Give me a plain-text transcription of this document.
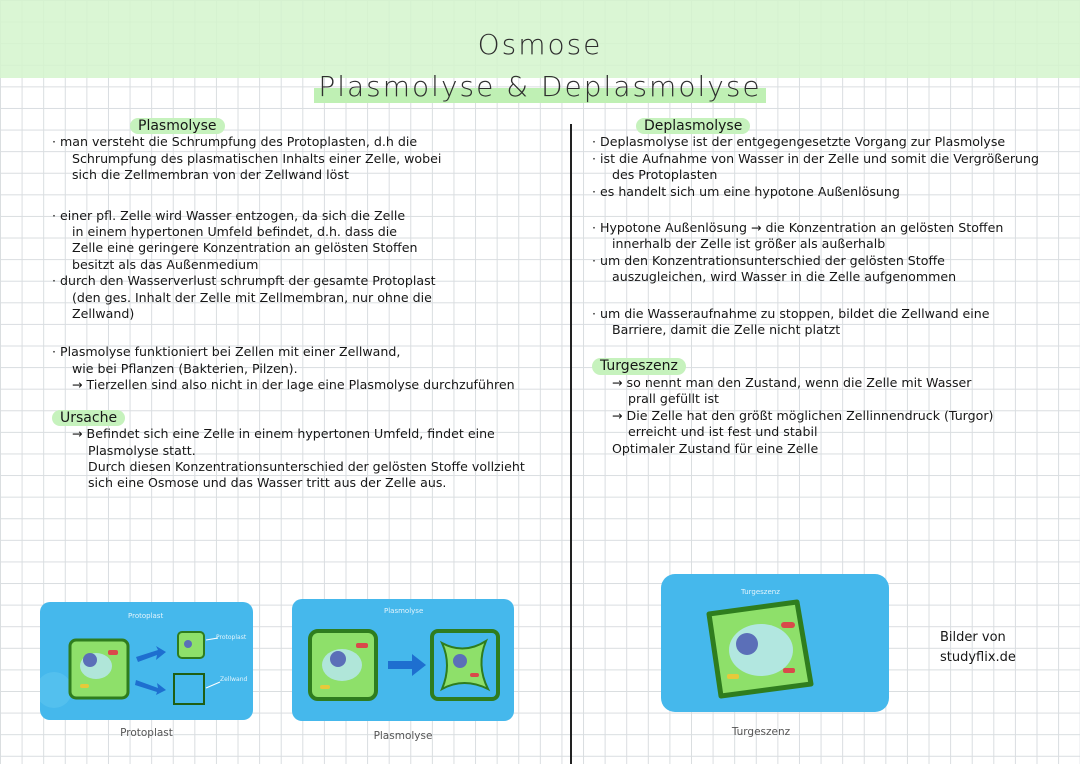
Osmose
Plasmolyse & Deplasmolyse
Plasmolyse

· man versteht die Schrumpfung des Protoplasten, d.h die

Schrumpfung des plasmatischen Inhalts einer Zelle, wobei

sich die Zellmembran von der Zellwand löst

· einer pfl. Zelle wird Wasser entzogen, da sich die Zelle

in einem hypertonen Umfeld befindet, d.h. dass die

Zelle eine geringere Konzentration an gelösten Stoffen

besitzt als das Außenmedium

· durch den Wasserverlust schrumpft der gesamte Protoplast

(den ges. Inhalt der Zelle mit Zellmembran, nur ohne die

Zellwand)

· Plasmolyse funktioniert bei Zellen mit einer Zellwand,

wie bei Pflanzen (Bakterien, Pilzen).

→ Tierzellen sind also nicht in der lage eine Plasmolyse durchzuführen

Ursache

→ Befindet sich eine Zelle in einem hypertonen Umfeld, findet eine

Plasmolyse statt.

Durch diesen Konzentrationsunterschied der gelösten Stoffe vollzieht

sich eine Osmose und das Wasser tritt aus der Zelle aus.

Deplasmolyse

· Deplasmolyse ist der entgegengesetzte Vorgang zur Plasmolyse

· ist die Aufnahme von Wasser in der Zelle und somit die Vergrößerung

des Protoplasten

· es handelt sich um eine hypotone Außenlösung

· Hypotone Außenlösung → die Konzentration an gelösten Stoffen

innerhalb der Zelle ist größer als außerhalb

· um den Konzentrationsunterschied der gelösten Stoffe

auszugleichen, wird Wasser in die Zelle aufgenommen

· um die Wasseraufnahme zu stoppen, bildet die Zellwand eine

Barriere, damit die Zelle nicht platzt

Turgeszenz

→ so nennt man den Zustand, wenn die Zelle mit Wasser

prall gefüllt ist

→ Die Zelle hat den größt möglichen Zellinnendruck (Turgor)

erreicht und ist fest und stabil

Optimaler Zustand für eine Zelle

Protoplast
Protoplast
Zellwand
Protoplast
Plasmolyse
Plasmolyse
Turgeszenz
Turgeszenz
Bilder von
studyflix.de
